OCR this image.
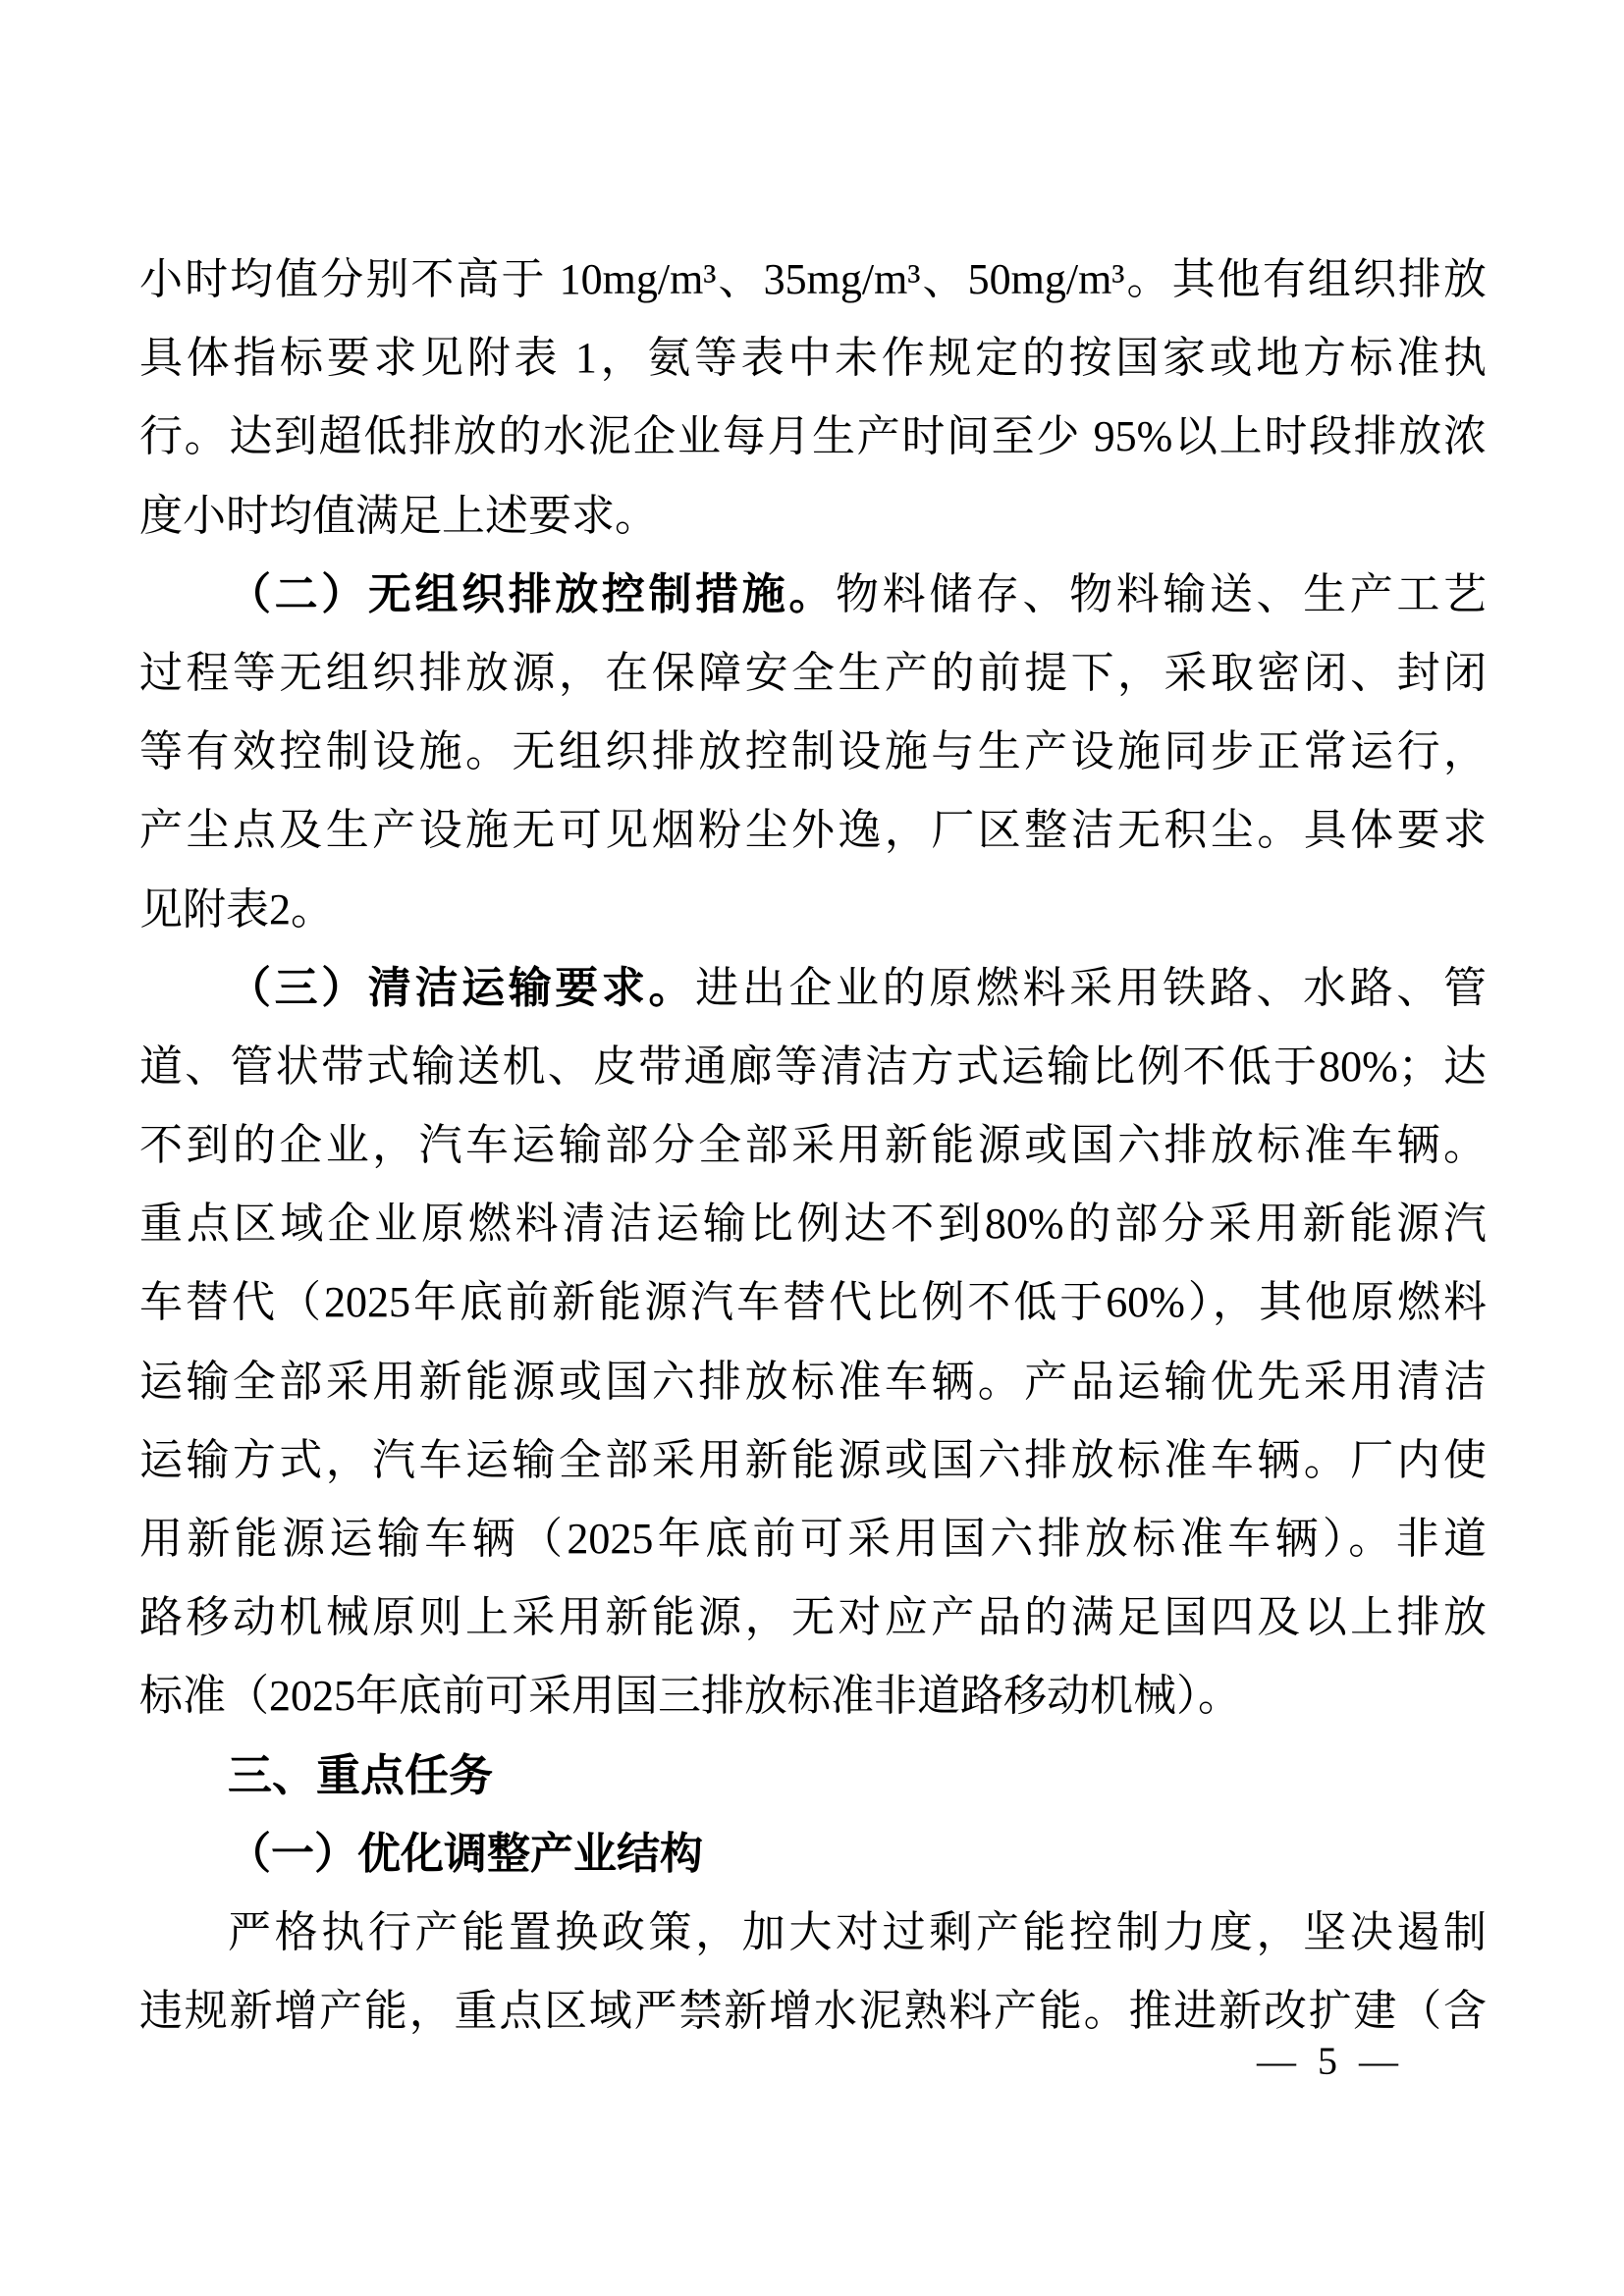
小时均值分别不高于 10mg/m³、35mg/m³、50mg/m³。其他有组织排放
具体指标要求见附表 1，氨等表中未作规定的按国家或地方标准执
行。达到超低排放的水泥企业每月生产时间至少 95%以上时段排放浓
度小时均值满足上述要求。
（二）无组织排放控制措施。物料储存、物料输送、生产工艺
过程等无组织排放源，在保障安全生产的前提下，采取密闭、封闭
等有效控制设施。无组织排放控制设施与生产设施同步正常运行，
产尘点及生产设施无可见烟粉尘外逸，厂区整洁无积尘。具体要求
见附表2。
（三）清洁运输要求。进出企业的原燃料采用铁路、水路、管
道、管状带式输送机、皮带通廊等清洁方式运输比例不低于80%；达
不到的企业，汽车运输部分全部采用新能源或国六排放标准车辆。
重点区域企业原燃料清洁运输比例达不到80%的部分采用新能源汽
车替代（2025年底前新能源汽车替代比例不低于60%），其他原燃料
运输全部采用新能源或国六排放标准车辆。产品运输优先采用清洁
运输方式，汽车运输全部采用新能源或国六排放标准车辆。厂内使
用新能源运输车辆（2025年底前可采用国六排放标准车辆）。非道
路移动机械原则上采用新能源，无对应产品的满足国四及以上排放
标准（2025年底前可采用国三排放标准非道路移动机械）。
三、重点任务
（一）优化调整产业结构
严格执行产能置换政策，加大对过剩产能控制力度，坚决遏制
违规新增产能，重点区域严禁新增水泥熟料产能。推进新改扩建（含
— 5 —
